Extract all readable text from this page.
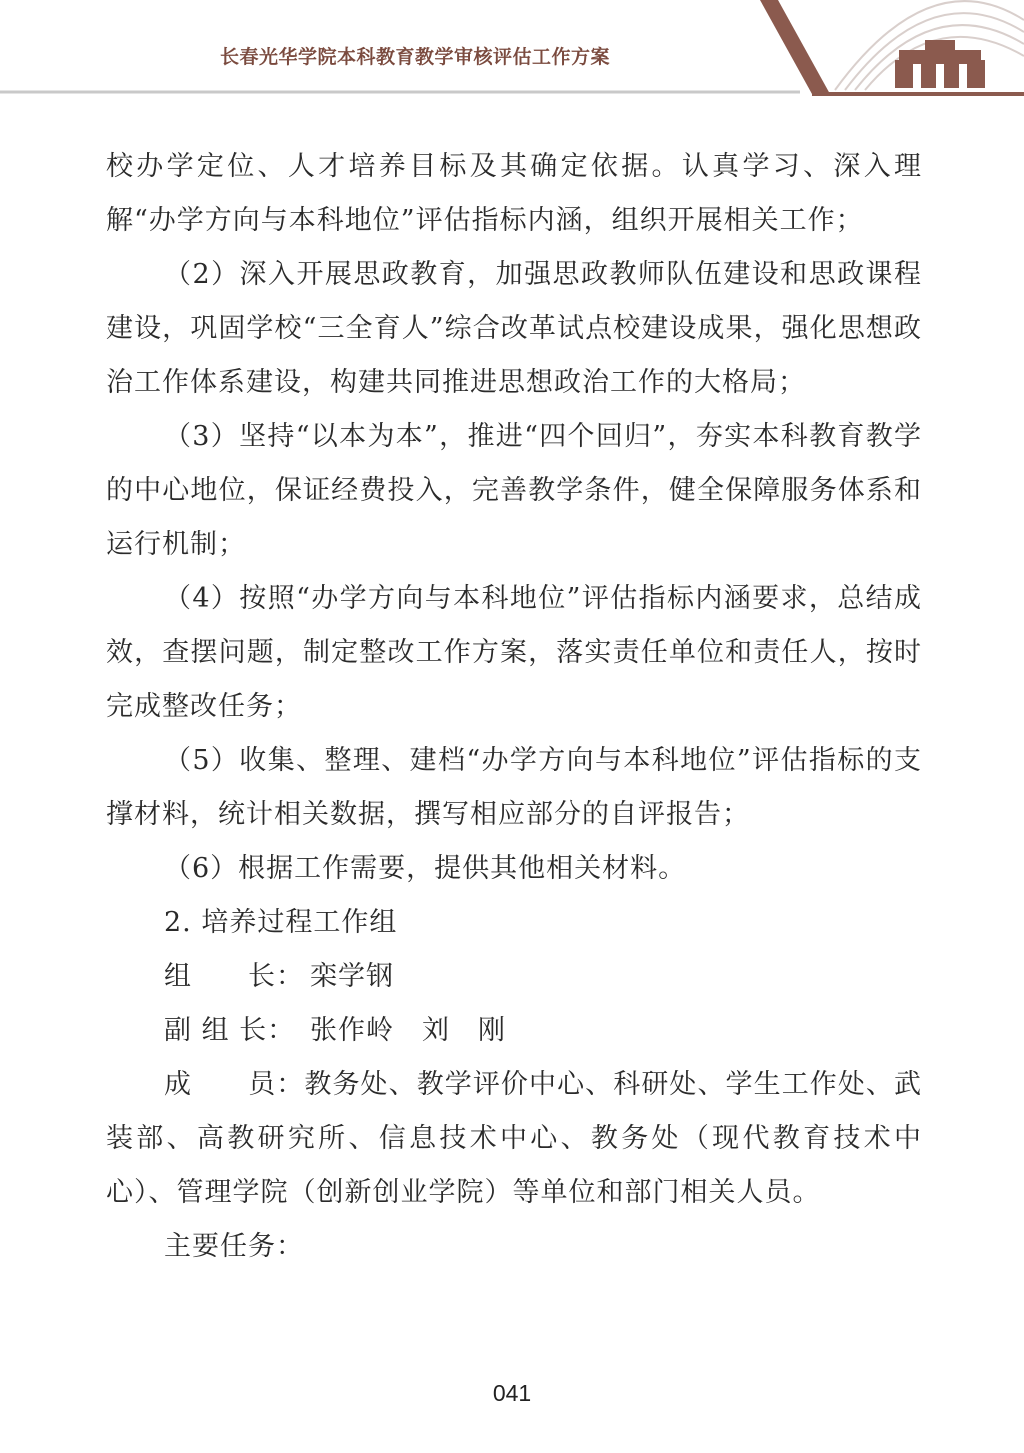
长春光华学院本科教育教学审核评估工作方案

校办学定位、人才培养目标及其确定依据。认真学习、深入理解“办学方向与本科地位”评估指标内涵，组织开展相关工作；

（2）深入开展思政教育，加强思政教师队伍建设和思政课程建设，巩固学校“三全育人”综合改革试点校建设成果，强化思想政治工作体系建设，构建共同推进思想政治工作的大格局；

（3）坚持“以本为本”，推进“四个回归”，夯实本科教育教学的中心地位，保证经费投入，完善教学条件，健全保障服务体系和运行机制；

（4）按照“办学方向与本科地位”评估指标内涵要求，总结成效，查摆问题，制定整改工作方案，落实责任单位和责任人，按时完成整改任务；

（5）收集、整理、建档“办学方向与本科地位”评估指标的支撑材料，统计相关数据，撰写相应部分的自评报告；

（6）根据工作需要，提供其他相关材料。

2. 培养过程工作组
组　　长： 栾学钢
副 组 长： 张作岭　刘　刚

成　　员：教务处、教学评价中心、科研处、学生工作处、武装部、高教研究所、信息技术中心、教务处（现代教育技术中心）、管理学院（创新创业学院）等单位和部门相关人员。

主要任务：
041
